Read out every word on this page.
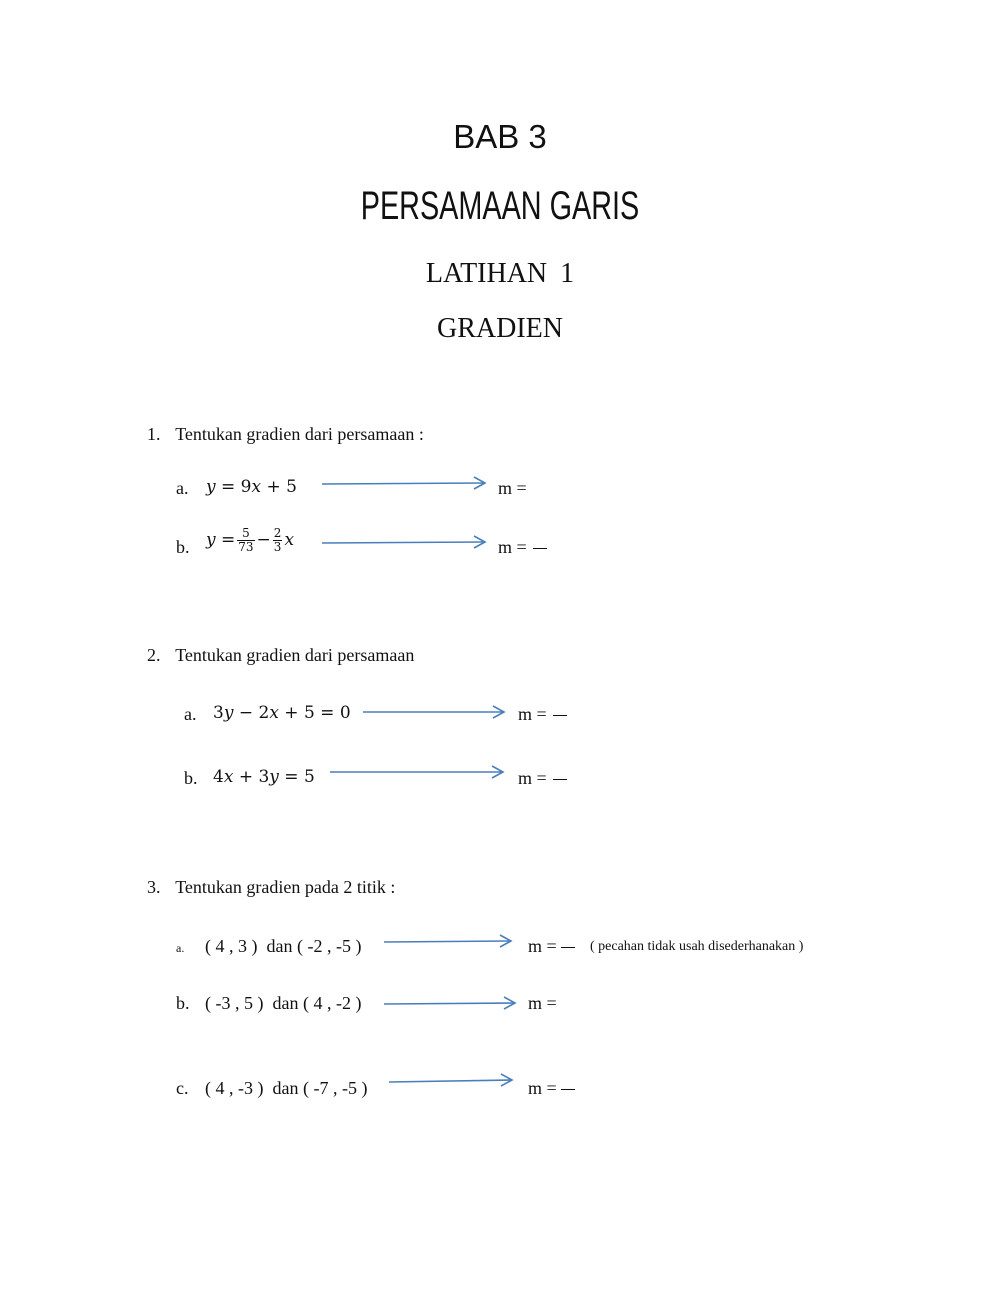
BAB 3
PERSAMAAN GARIS
LATIHAN 1
GRADIEN
1. Tentukan gradien dari persamaan :
a. y = 9x + 5	m =
b. $y = \frac{5}{73} - \frac{2}{3}$ x	m =
2. Tentukan gradien dari persamaan
a. 3y − 2x + 5 = 0	m =
b. 4x + 3y = 5	m =
3. Tentukan gradien pada 2 titik :
a. ( 4 , 3 )  dan ( -2 , -5 )	m =	( pecahan tidak usah disederhanakan )
b. ( -3 , 5 )  dan ( 4 , -2 )	m =
c. ( 4 , -3 )  dan ( -7 , -5 )	m =
